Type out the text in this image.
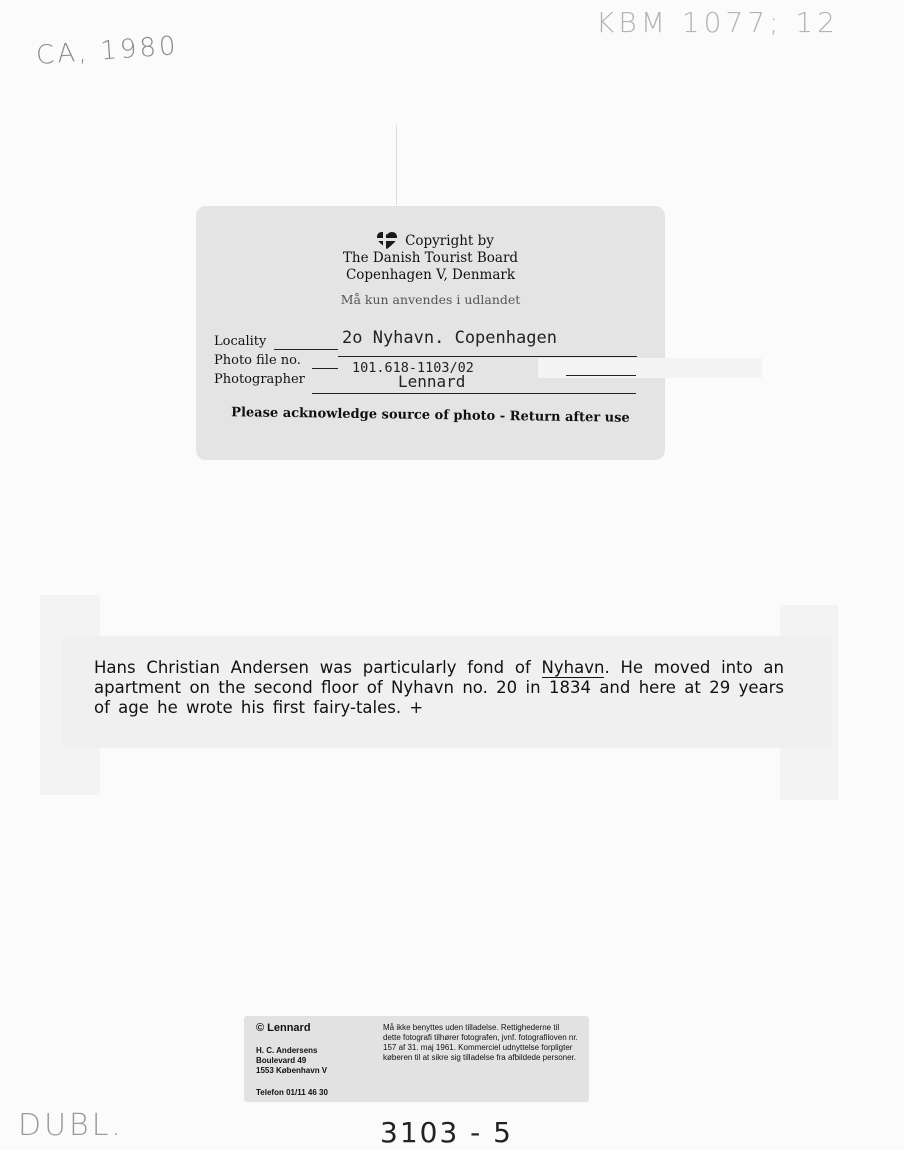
CA, 1980
KBM 1077; 12
Copyright by
The Danish Tourist Board
Copenhagen V, Denmark
Må kun anvendes i udlandet
Locality	2o Nyhavn. Copenhagen
Photo file no.	101.618-1103/02
Photographer	Lennard
Please acknowledge source of photo - Return after use
Hans Christian Andersen was particularly fond of Nyhavn. He moved into an apartment on the second floor of Nyhavn no. 20 in 1834 and here at 29 years of age he wrote his first fairy-tales. +
© Lennard
H. C. Andersens
Boulevard 49
1553 København V
Telefon 01/11 46 30
Må ikke benyttes uden tilladelse. Rettighederne til dette fotografi tilhører fotografen, jvnf. fotografiloven nr. 157 af 31. maj 1961. Kommerciel udnyttelse forpligter køberen til at sikre sig tilladelse fra afbildede personer.
DUBL.	3103 - 5
